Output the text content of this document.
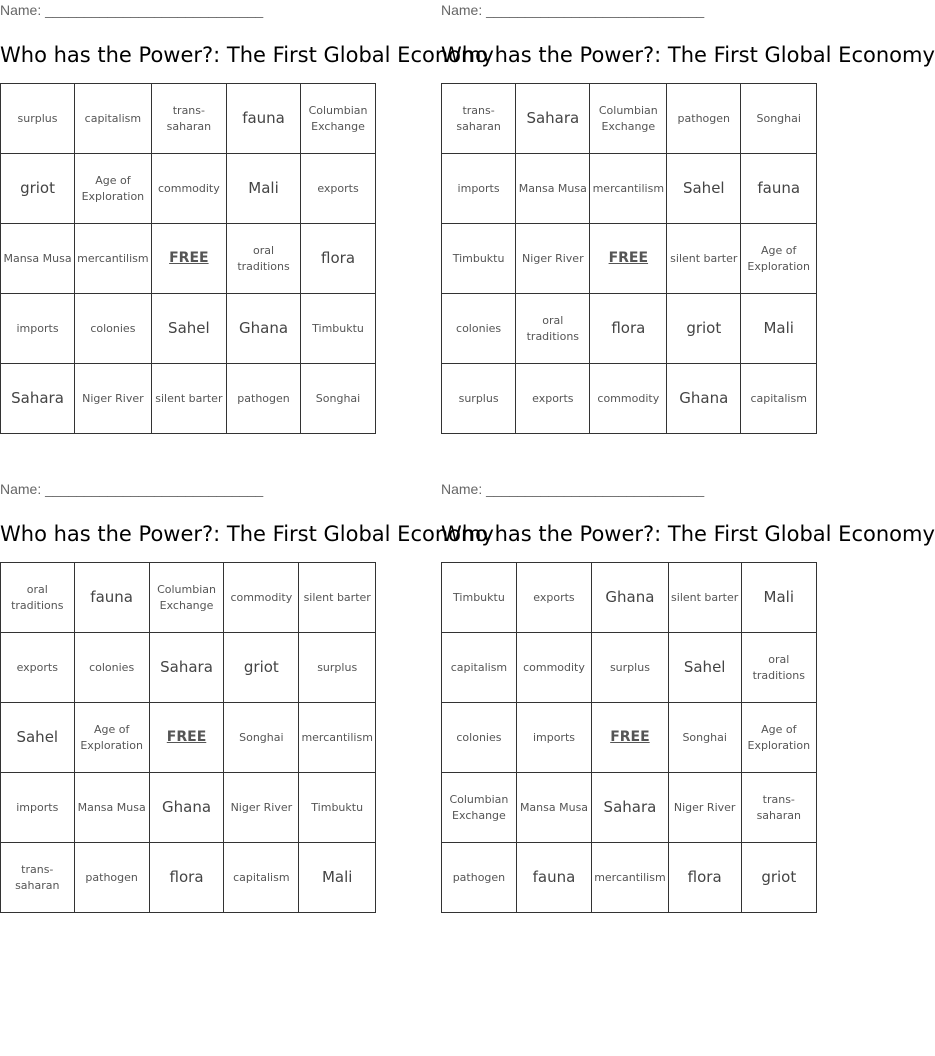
Name: ____________________________
Who has the Power?: The First Global Economy
surplus	capitalism	trans-saharan	fauna	Columbian Exchange
griot	Age of Exploration	commodity	Mali	exports
Mansa Musa	mercantilism	FREE	oral traditions	flora
imports	colonies	Sahel	Ghana	Timbuktu
Sahara	Niger River	silent barter	pathogen	Songhai
Name: ____________________________
Who has the Power?: The First Global Economy
trans-saharan	Sahara	Columbian Exchange	pathogen	Songhai
imports	Mansa Musa	mercantilism	Sahel	fauna
Timbuktu	Niger River	FREE	silent barter	Age of Exploration
colonies	oral traditions	flora	griot	Mali
surplus	exports	commodity	Ghana	capitalism
Name: ____________________________
Who has the Power?: The First Global Economy
oral traditions	fauna	Columbian Exchange	commodity	silent barter
exports	colonies	Sahara	griot	surplus
Sahel	Age of Exploration	FREE	Songhai	mercantilism
imports	Mansa Musa	Ghana	Niger River	Timbuktu
trans-saharan	pathogen	flora	capitalism	Mali
Name: ____________________________
Who has the Power?: The First Global Economy
Timbuktu	exports	Ghana	silent barter	Mali
capitalism	commodity	surplus	Sahel	oral traditions
colonies	imports	FREE	Songhai	Age of Exploration
Columbian Exchange	Mansa Musa	Sahara	Niger River	trans-saharan
pathogen	fauna	mercantilism	flora	griot
